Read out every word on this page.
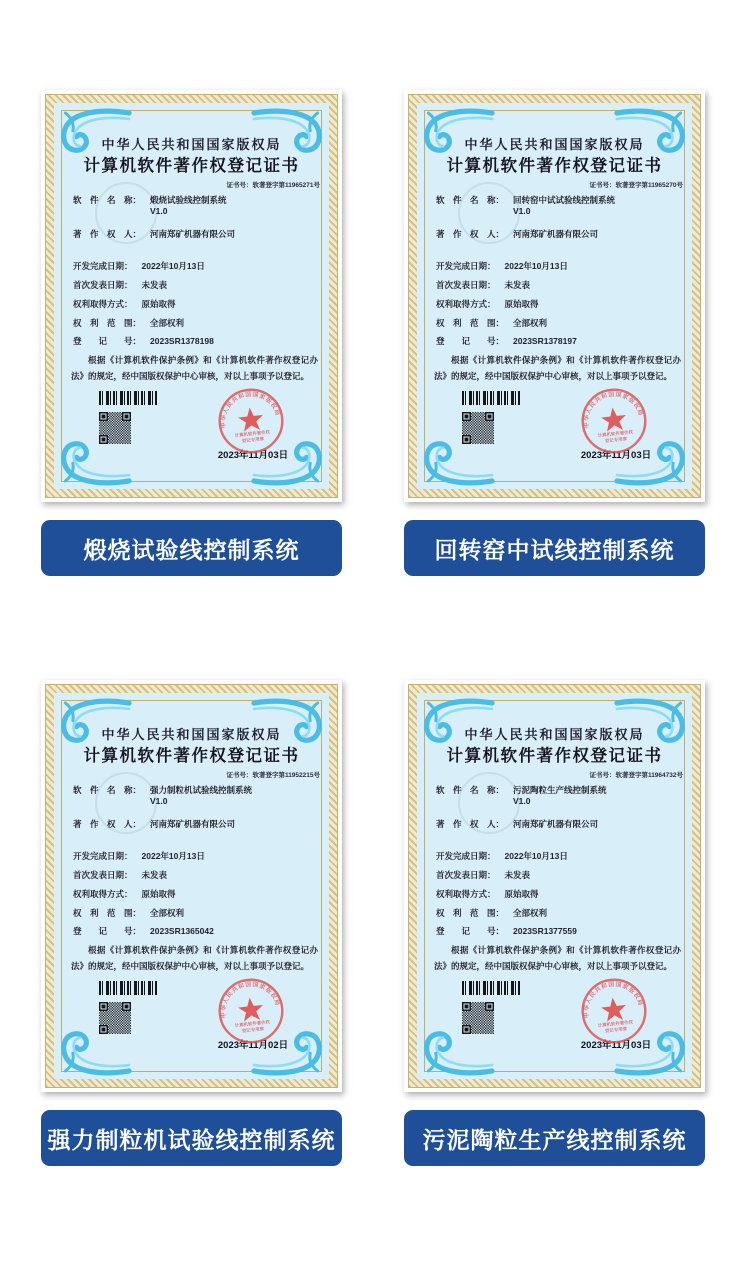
中华人民共和国国家版权局
计算机软件著作权登记证书
证书号：软著登字第11965271号
软　件　名　称： 煅烧试验线控制系统
V1.0
著　作　权　人： 河南郑矿机器有限公司
开发完成日期： 2022年10月13日
首次发表日期： 未发表
权利取得方式： 原始取得
权　利　范　围： 全部权利
登　　记　　号： 2023SR1378198
根据《计算机软件保护条例》和《计算机软件著作权登记办法》的规定，经中国版权保护中心审核，对以上事项予以登记。
2023年11月03日
中华人民共和国国家版权局
计算机软件著作权
登记专用章
煅烧试验线控制系统
中华人民共和国国家版权局
计算机软件著作权登记证书
证书号：软著登字第11965270号
软　件　名　称： 回转窑中试试验线控制系统
V1.0
著　作　权　人： 河南郑矿机器有限公司
开发完成日期： 2022年10月13日
首次发表日期： 未发表
权利取得方式： 原始取得
权　利　范　围： 全部权利
登　　记　　号： 2023SR1378197
根据《计算机软件保护条例》和《计算机软件著作权登记办法》的规定，经中国版权保护中心审核，对以上事项予以登记。
2023年11月03日
中华人民共和国国家版权局
计算机软件著作权
登记专用章
回转窑中试线控制系统
中华人民共和国国家版权局
计算机软件著作权登记证书
证书号：软著登字第11952215号
软　件　名　称： 强力制粒机试验线控制系统
V1.0
著　作　权　人： 河南郑矿机器有限公司
开发完成日期： 2022年10月13日
首次发表日期： 未发表
权利取得方式： 原始取得
权　利　范　围： 全部权利
登　　记　　号： 2023SR1365042
根据《计算机软件保护条例》和《计算机软件著作权登记办法》的规定，经中国版权保护中心审核，对以上事项予以登记。
2023年11月02日
中华人民共和国国家版权局
计算机软件著作权
登记专用章
强力制粒机试验线控制系统
中华人民共和国国家版权局
计算机软件著作权登记证书
证书号：软著登字第11964732号
软　件　名　称： 污泥陶粒生产线控制系统
V1.0
著　作　权　人： 河南郑矿机器有限公司
开发完成日期： 2022年10月13日
首次发表日期： 未发表
权利取得方式： 原始取得
权　利　范　围： 全部权利
登　　记　　号： 2023SR1377559
根据《计算机软件保护条例》和《计算机软件著作权登记办法》的规定，经中国版权保护中心审核，对以上事项予以登记。
2023年11月03日
中华人民共和国国家版权局
计算机软件著作权
登记专用章
污泥陶粒生产线控制系统
